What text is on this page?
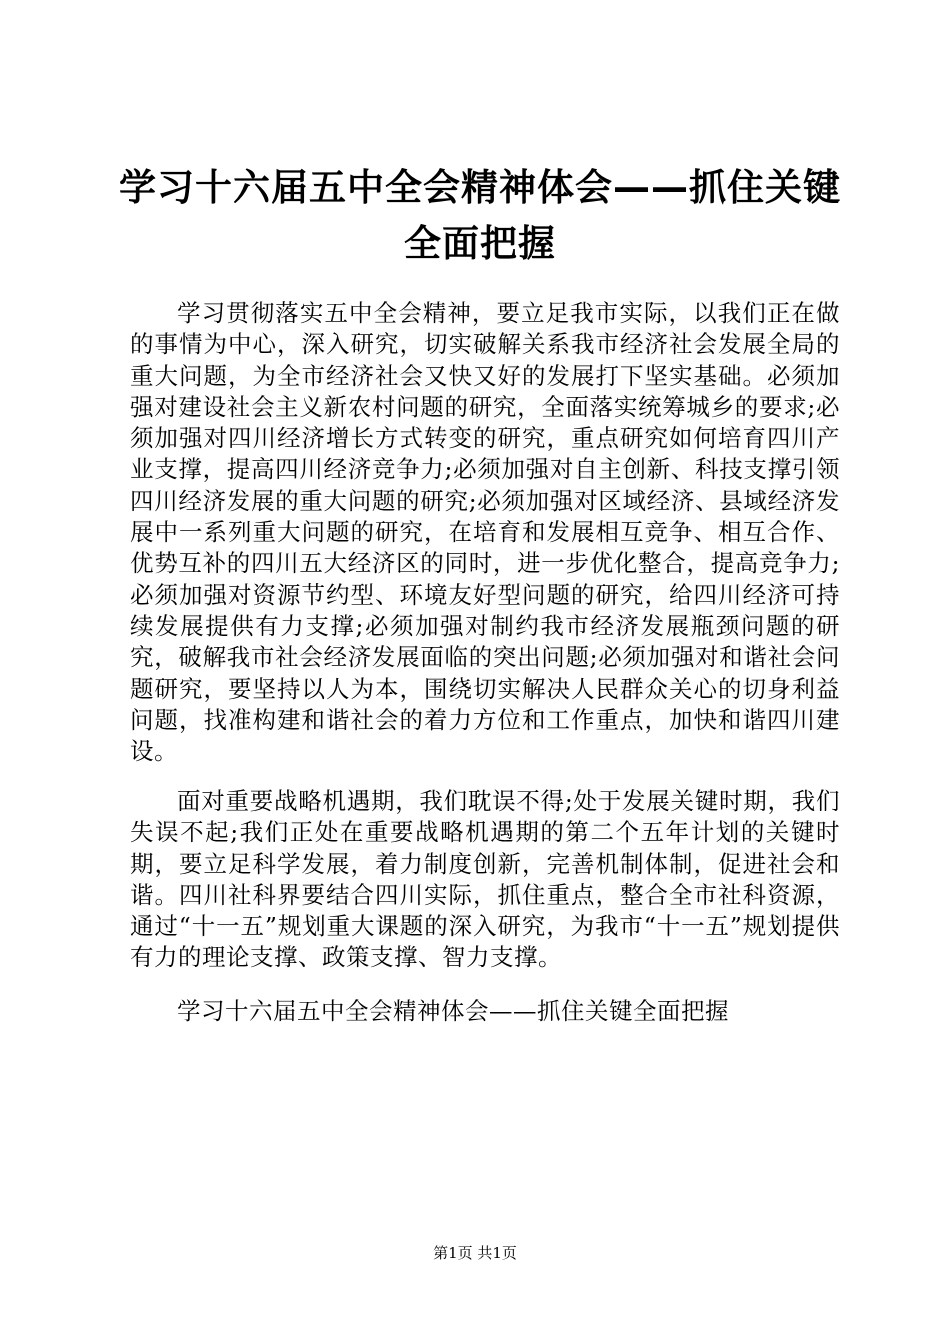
学习十六届五中全会精神体会——抓住关键全面把握

学习贯彻落实五中全会精神，要立足我市实际，以我们正在做的事情为中心，深入研究，切实破解关系我市经济社会发展全局的重大问题，为全市经济社会又快又好的发展打下坚实基础。必须加强对建设社会主义新农村问题的研究，全面落实统筹城乡的要求;必须加强对四川经济增长方式转变的研究，重点研究如何培育四川产业支撑，提高四川经济竞争力;必须加强对自主创新、科技支撑引领四川经济发展的重大问题的研究;必须加强对区域经济、县域经济发展中一系列重大问题的研究，在培育和发展相互竞争、相互合作、优势互补的四川五大经济区的同时，进一步优化整合，提高竞争力;必须加强对资源节约型、环境友好型问题的研究，给四川经济可持续发展提供有力支撑;必须加强对制约我市经济发展瓶颈问题的研究，破解我市社会经济发展面临的突出问题;必须加强对和谐社会问题研究，要坚持以人为本，围绕切实解决人民群众关心的切身利益问题，找准构建和谐社会的着力方位和工作重点，加快和谐四川建设。

面对重要战略机遇期，我们耽误不得;处于发展关键时期，我们失误不起;我们正处在重要战略机遇期的第二个五年计划的关键时期，要立足科学发展，着力制度创新，完善机制体制，促进社会和谐。四川社科界要结合四川实际，抓住重点，整合全市社科资源，通过“十一五”规划重大课题的深入研究，为我市“十一五”规划提供有力的理论支撑、政策支撑、智力支撑。

学习十六届五中全会精神体会——抓住关键全面把握

第1页 共1页
